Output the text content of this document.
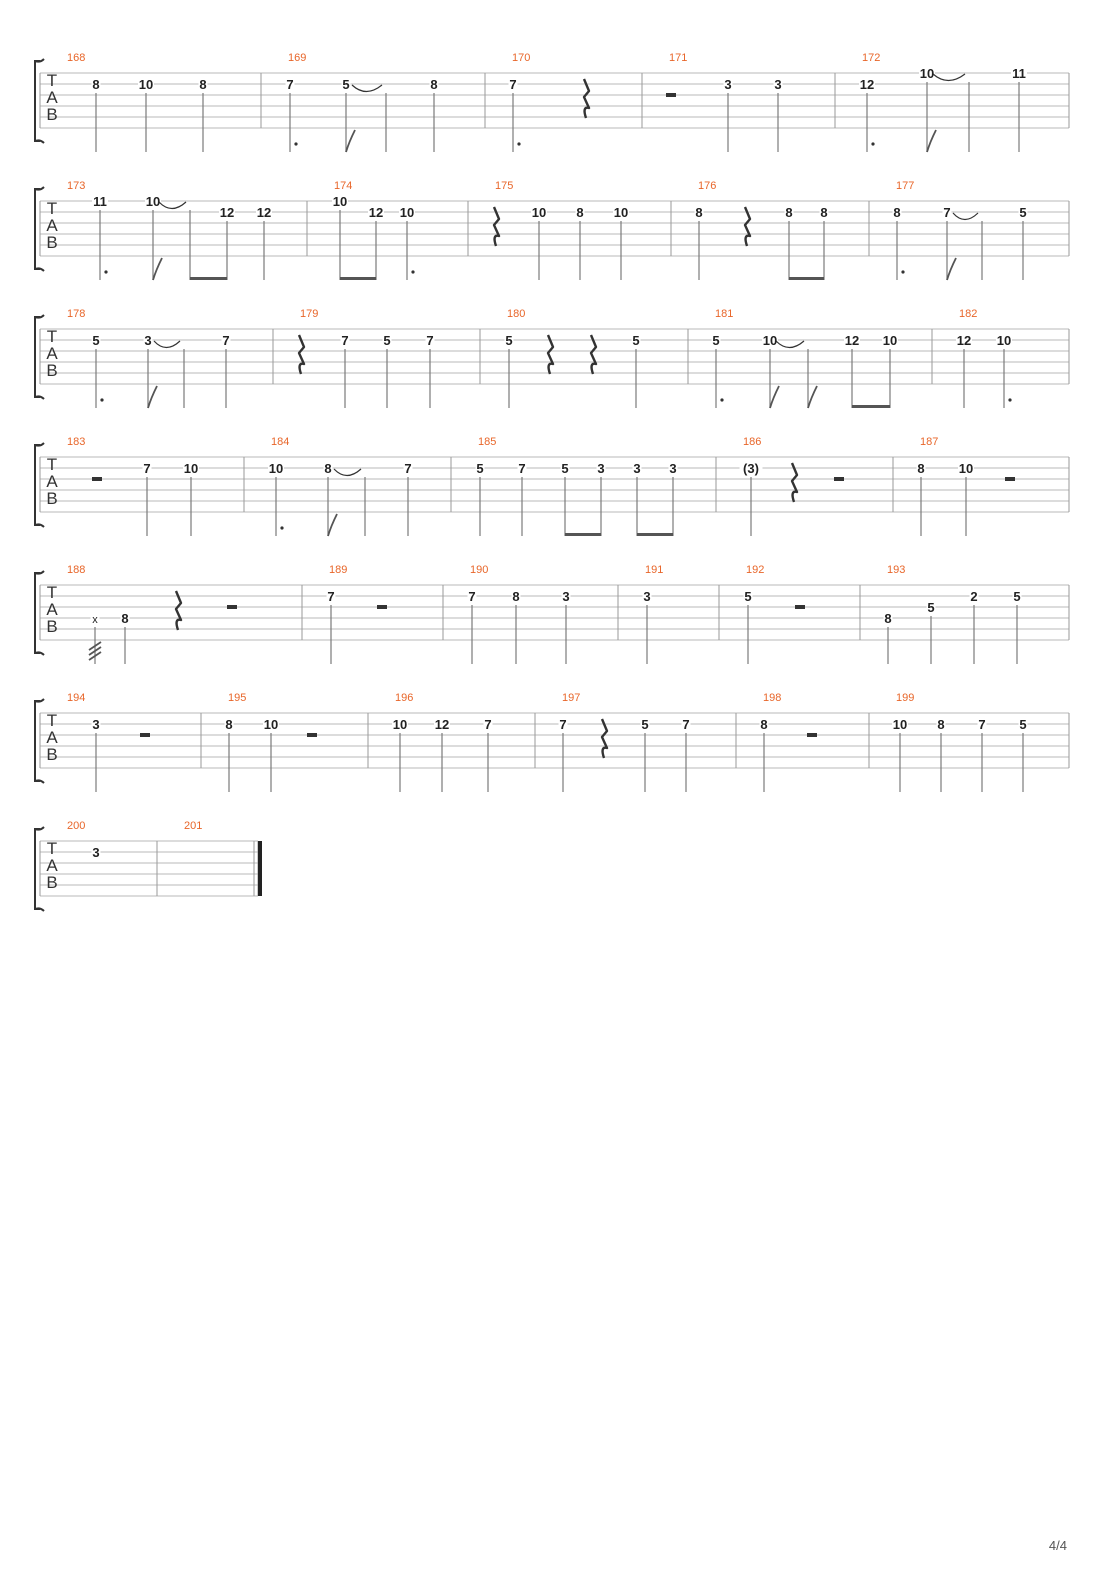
T
A
B
168
8	10	8
169
7	5	8
170
7
171
3	3
172
12
10	11
T
A
B
173
11	10
12 12
174
10
12 10
175
10 8 10
176
8	8 8
177
8	7	5
T
A
B
178
5	3	7
179
7	5	7
180
5	5
181
5	10	12 10
182
12 10
T
A
B
183
7	10
184
10	8	7
185
5	7	5 3 3 3
186
(3)
187
8	10
T
A
B
188
x 8
189
7
190
7	8	3
191
3
192
5
193
8
5
2	5
T
A
B
194
3
195
8 10
196
10 12	7
197
7	5	7
198
8
199
10 8	7	5
T
A
B
200
3
201
4/4
